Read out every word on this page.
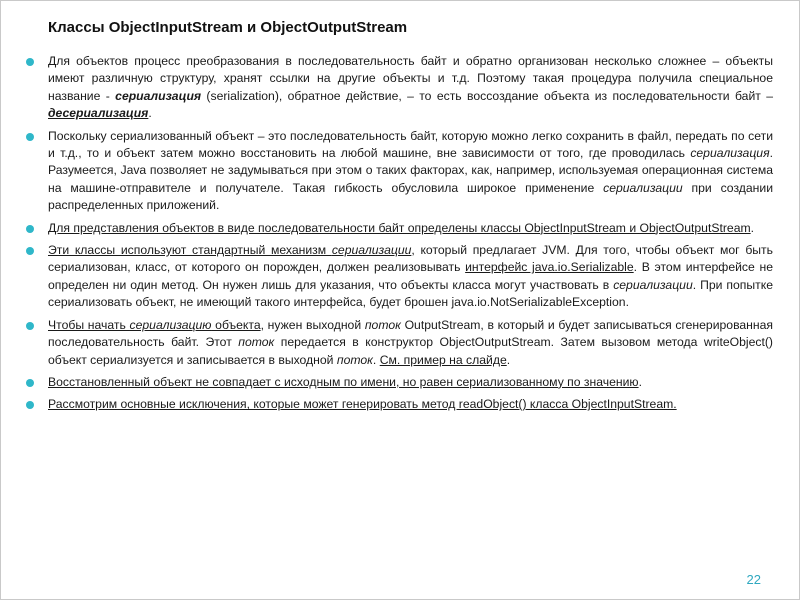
Классы ObjectInputStream и ObjectOutputStream
Для объектов процесс преобразования в последовательность байт и обратно организован несколько сложнее – объекты имеют различную структуру, хранят ссылки на другие объекты и т.д. Поэтому такая процедура получила специальное название - сериализация (serialization), обратное действие, – то есть воссоздание объекта из последовательности байт – десериализация.
Поскольку сериализованный объект – это последовательность байт, которую можно легко сохранить в файл, передать по сети и т.д., то и объект затем можно восстановить на любой машине, вне зависимости от того, где проводилась сериализация. Разумеется, Java позволяет не задумываться при этом о таких факторах, как, например, используемая операционная система на машине-отправителе и получателе. Такая гибкость обусловила широкое применение сериализации при создании распределенных приложений.
Для представления объектов в виде последовательности байт определены классы ObjectInputStream и ObjectOutputStream.
Эти классы используют стандартный механизм сериализации, который предлагает JVM. Для того, чтобы объект мог быть сериализован, класс, от которого он порожден, должен реализовывать интерфейс java.io.Serializable. В этом интерфейсе не определен ни один метод. Он нужен лишь для указания, что объекты класса могут участвовать в сериализации. При попытке сериализовать объект, не имеющий такого интерфейса, будет брошен java.io.NotSerializableException.
Чтобы начать сериализацию объекта, нужен выходной поток OutputStream, в который и будет записываться сгенерированная последовательность байт. Этот поток передается в конструктор ObjectOutputStream. Затем вызовом метода writeObject() объект сериализуется и записывается в выходной поток. См. пример на слайде.
Восстановленный объект не совпадает с исходным по имени, но равен сериализованному по значению.
Рассмотрим основные исключения, которые может генерировать метод readObject() класса ObjectInputStream.
22
